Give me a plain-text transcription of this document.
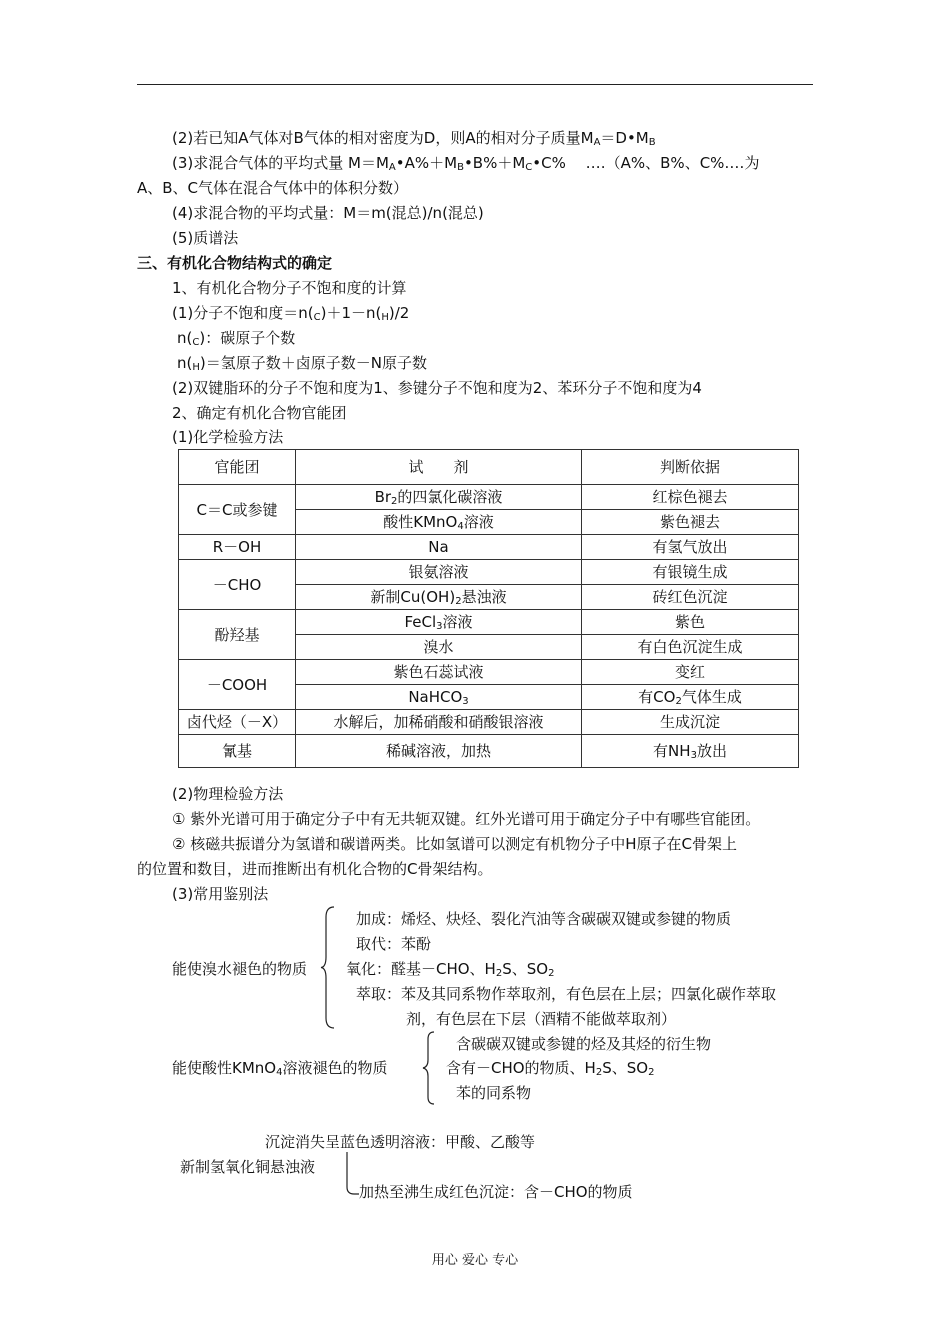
(2)若已知A气体对B气体的相对密度为D，则A的相对分子质量$M_A=D•M_B$
(3)求混合气体的平均式量 $M=M_A•A\%+M_B•B\%+M_C•C\%$　 ‥‥（A%、B%、C%‥‥为
A、B、C气体在混合气体中的体积分数）
(4)求混合物的平均式量：M＝m(混总)/n(混总)
(5)质谱法
三、有机化合物结构式的确定
1、有机化合物分子不饱和度的计算
(1)分子不饱和度$=n(_C)+1-n(_H)/2$
$n(_C)$：碳原子个数
$n(_H)=$氢原子数＋卤原子数－N原子数
(2)双键脂环的分子不饱和度为1、参键分子不饱和度为2、苯环分子不饱和度为4
2、确定有机化合物官能团
(1)化学检验方法
官能团	试　　剂	判断依据
C＝C或参键	$Br_2$的四氯化碳溶液	红棕色褪去
	酸性KMnO$_4$溶液	紫色褪去
R－OH	Na	有氢气放出
－CHO	银氨溶液	有银镜生成
	新制$Cu(OH)_2$悬浊液	砖红色沉淀
酚羟基	FeCl$_3$溶液	紫色
	溴水	有白色沉淀生成
－COOH	紫色石蕊试液	变红
	NaHCO$_3$	有$CO_2$气体生成
卤代烃（－X）	水解后，加稀硝酸和硝酸银溶液	生成沉淀
氰基	稀碱溶液，加热	有$NH_3$放出
(2)物理检验方法
① 紫外光谱可用于确定分子中有无共轭双键。红外光谱可用于确定分子中有哪些官能团。
② 核磁共振谱分为氢谱和碳谱两类。比如氢谱可以测定有机物分子中H原子在C骨架上
的位置和数目，进而推断出有机化合物的C骨架结构。
(3)常用鉴别法
能使溴水褪色的物质
加成：烯烃、炔烃、裂化汽油等含碳碳双键或参键的物质
取代：苯酚
氧化：醛基－CHO、$H_2S$、$SO_2$
萃取：苯及其同系物作萃取剂，有色层在上层；四氯化碳作萃取
剂，有色层在下层（酒精不能做萃取剂）
能使酸性KMnO$_4$溶液褪色的物质
含碳碳双键或参键的烃及其烃的衍生物
含有－CHO的物质、$H_2S$、$SO_2$
苯的同系物
沉淀消失呈蓝色透明溶液：甲酸、乙酸等
新制氢氧化铜悬浊液
加热至沸生成红色沉淀：含－CHO的物质
用心 爱心 专心
